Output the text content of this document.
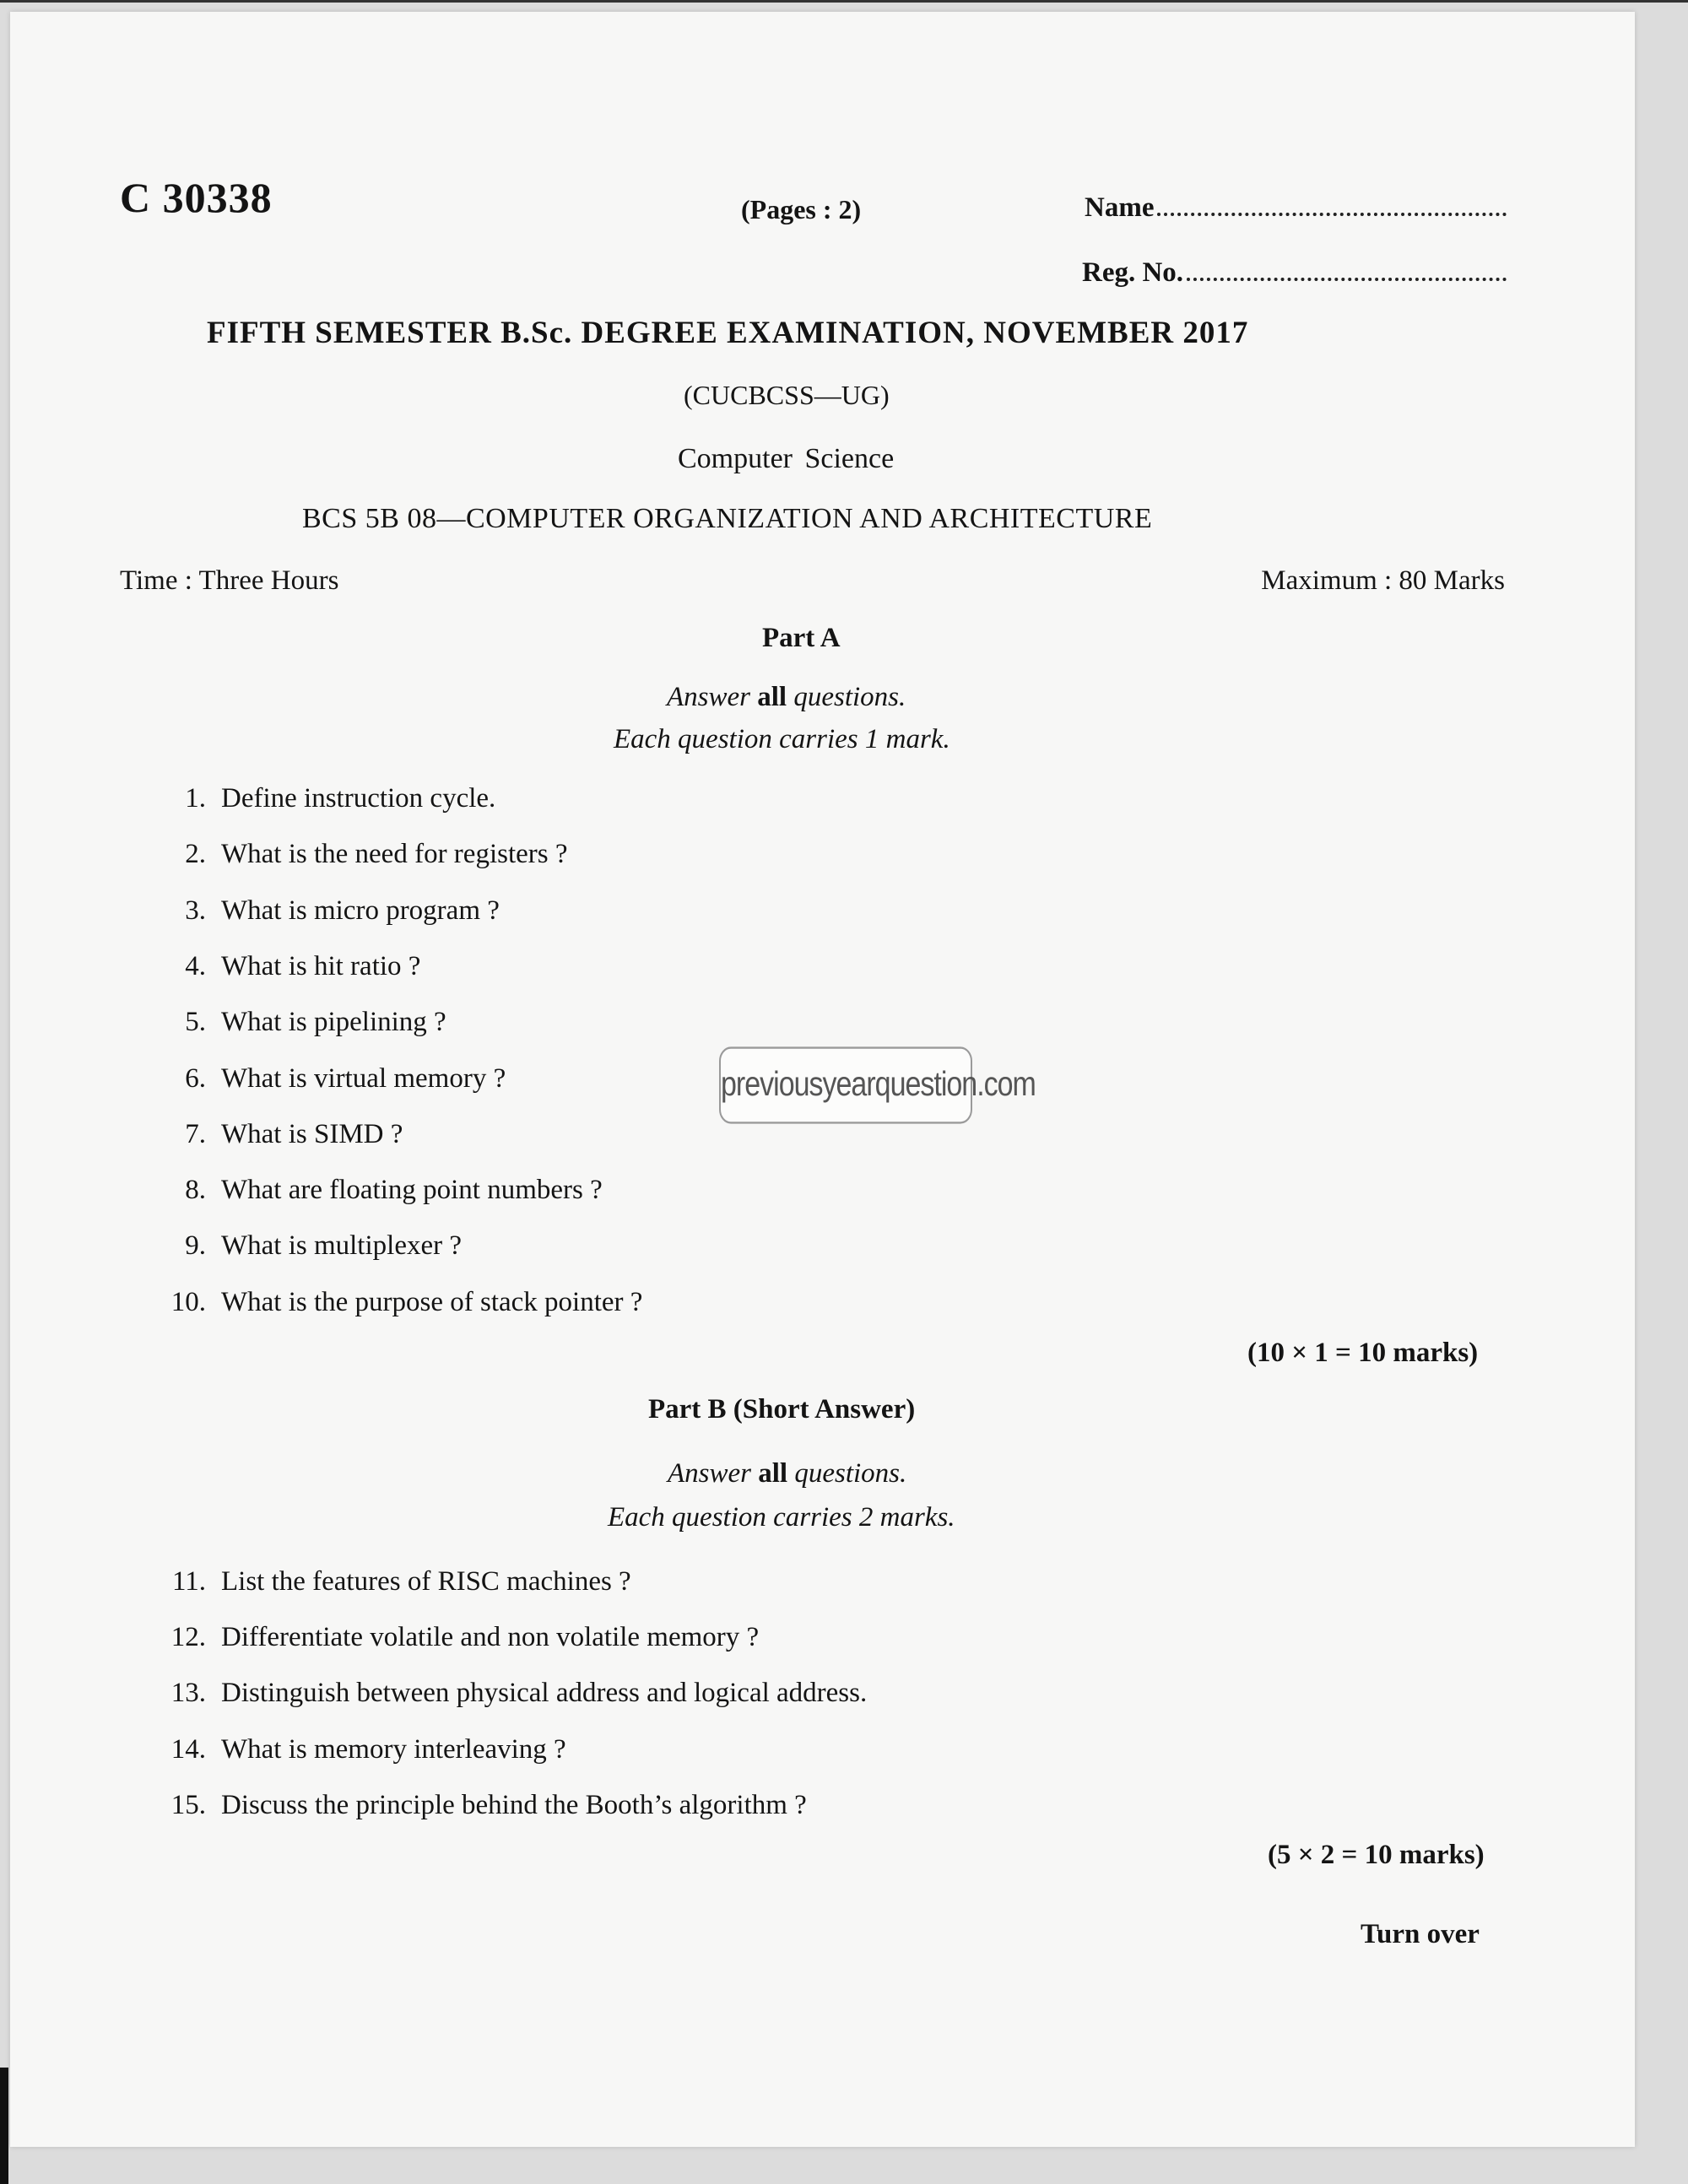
C 30338	(Pages : 2)	Name
Reg. No.
FIFTH SEMESTER B.Sc. DEGREE EXAMINATION, NOVEMBER 2017
(CUCBCSS—UG)
Computer Science
BCS 5B 08—COMPUTER ORGANIZATION AND ARCHITECTURE
Time : Three Hours	Maximum : 80 Marks
Part A
Answer all questions.
Each question carries 1 mark.
1. Define instruction cycle.
2. What is the need for registers ?
3. What is micro program ?
4. What is hit ratio ?
5. What is pipelining ?
6. What is virtual memory ?
7. What is SIMD ?
8. What are floating point numbers ?
9. What is multiplexer ?
10. What is the purpose of stack pointer ?
(10 × 1 = 10 marks)
Part B (Short Answer)
Answer all questions.
Each question carries 2 marks.
11. List the features of RISC machines ?
12. Differentiate volatile and non volatile memory ?
13. Distinguish between physical address and logical address.
14. What is memory interleaving ?
15. Discuss the principle behind the Booth’s algorithm ?
(5 × 2 = 10 marks)
Turn over
previousyearquestion.com
